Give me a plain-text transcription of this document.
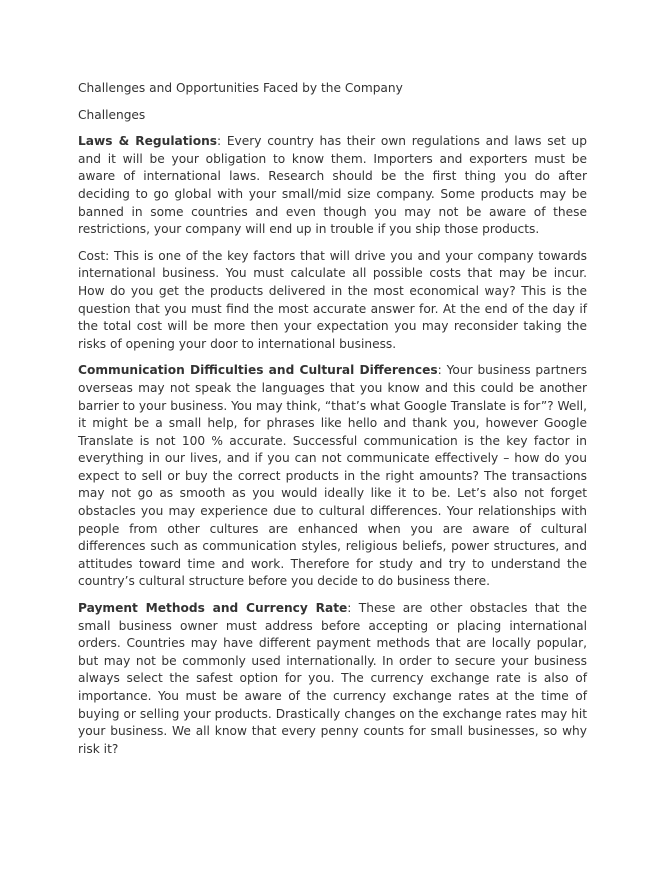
Challenges and Opportunities Faced by the Company
Challenges

Laws & Regulations: Every country has their own regulations and laws set up and it will be your obligation to know them. Importers and exporters must be aware of international laws. Research should be the first thing you do after deciding to go global with your small/mid size company. Some products may be banned in some countries and even though you may not be aware of these restrictions, your company will end up in trouble if you ship those products.

Cost: This is one of the key factors that will drive you and your company towards international business. You must calculate all possible costs that may be incur. How do you get the products delivered in the most economical way? This is the question that you must find the most accurate answer for. At the end of the day if the total cost will be more then your expectation you may reconsider taking the risks of opening your door to international business.

Communication Difficulties and Cultural Differences: Your business partners overseas may not speak the languages that you know and this could be another barrier to your business. You may think, “that’s what Google Translate is for”? Well, it might be a small help, for phrases like hello and thank you, however Google Translate is not 100 % accurate. Successful communication is the key factor in everything in our lives, and if you can not communicate effectively – how do you expect to sell or buy the correct products in the right amounts? The transactions may not go as smooth as you would ideally like it to be. Let’s also not forget obstacles you may experience due to cultural differences. Your relationships with people from other cultures are enhanced when you are aware of cultural differences such as communication styles, religious beliefs, power structures, and attitudes toward time and work. Therefore for study and try to understand the country’s cultural structure before you decide to do business there.

Payment Methods and Currency Rate: These are other obstacles that the small business owner must address before accepting or placing international orders. Countries may have different payment methods that are locally popular, but may not be commonly used internationally. In order to secure your business always select the safest option for you. The currency exchange rate is also of importance. You must be aware of the currency exchange rates at the time of buying or selling your products. Drastically changes on the exchange rates may hit your business. We all know that every penny counts for small businesses, so why risk it?
